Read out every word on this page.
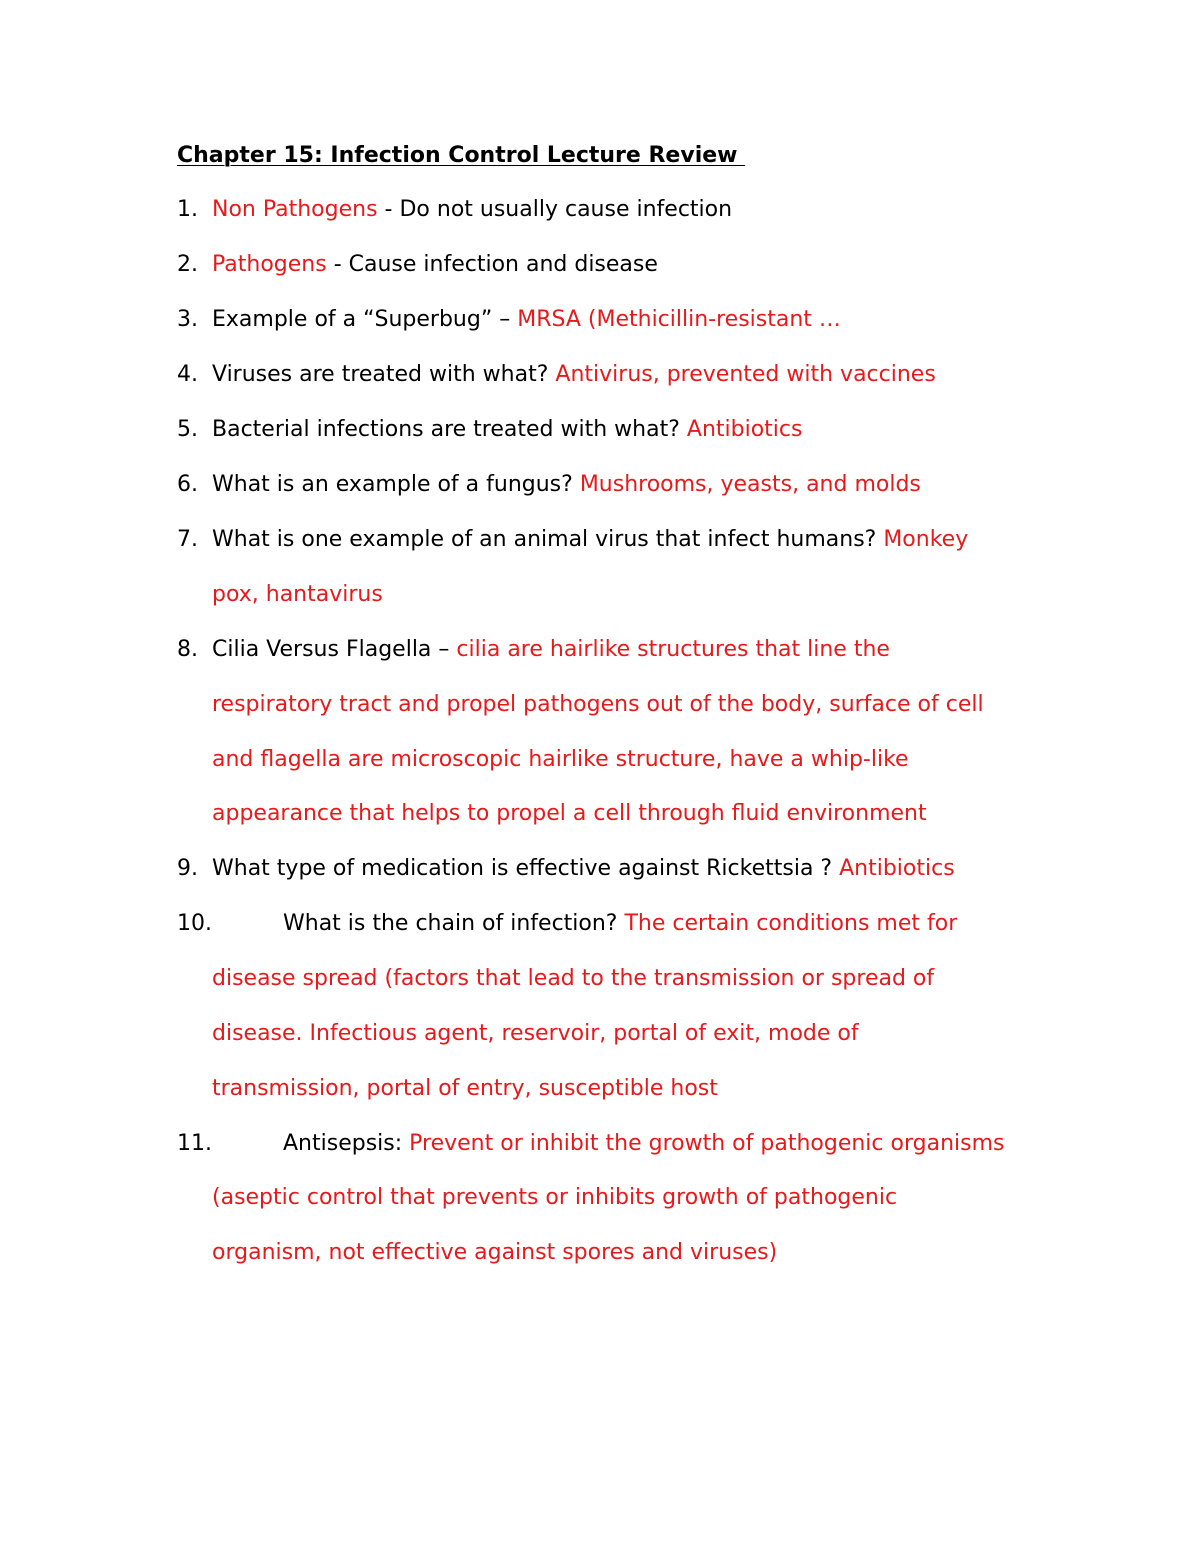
Chapter 15: Infection Control Lecture Review
1. Non Pathogens - Do not usually cause infection
2. Pathogens - Cause infection and disease
3. Example of a “Superbug” – MRSA (Methicillin-resistant …
4. Viruses are treated with what? Antivirus, prevented with vaccines
5. Bacterial infections are treated with what? Antibiotics
6. What is an example of a fungus? Mushrooms, yeasts, and molds
7. What is one example of an animal virus that infect humans? Monkey
pox, hantavirus
8. Cilia Versus Flagella – cilia are hairlike structures that line the
respiratory tract and propel pathogens out of the body, surface of cell
and flagella are microscopic hairlike structure, have a whip-like
appearance that helps to propel a cell through fluid environment
9. What type of medication is effective against Rickettsia ? Antibiotics
10.	What is the chain of infection? The certain conditions met for
disease spread (factors that lead to the transmission or spread of
disease. Infectious agent, reservoir, portal of exit, mode of
transmission, portal of entry, susceptible host
11.	Antisepsis: Prevent or inhibit the growth of pathogenic organisms
(aseptic control that prevents or inhibits growth of pathogenic
organism, not effective against spores and viruses)
